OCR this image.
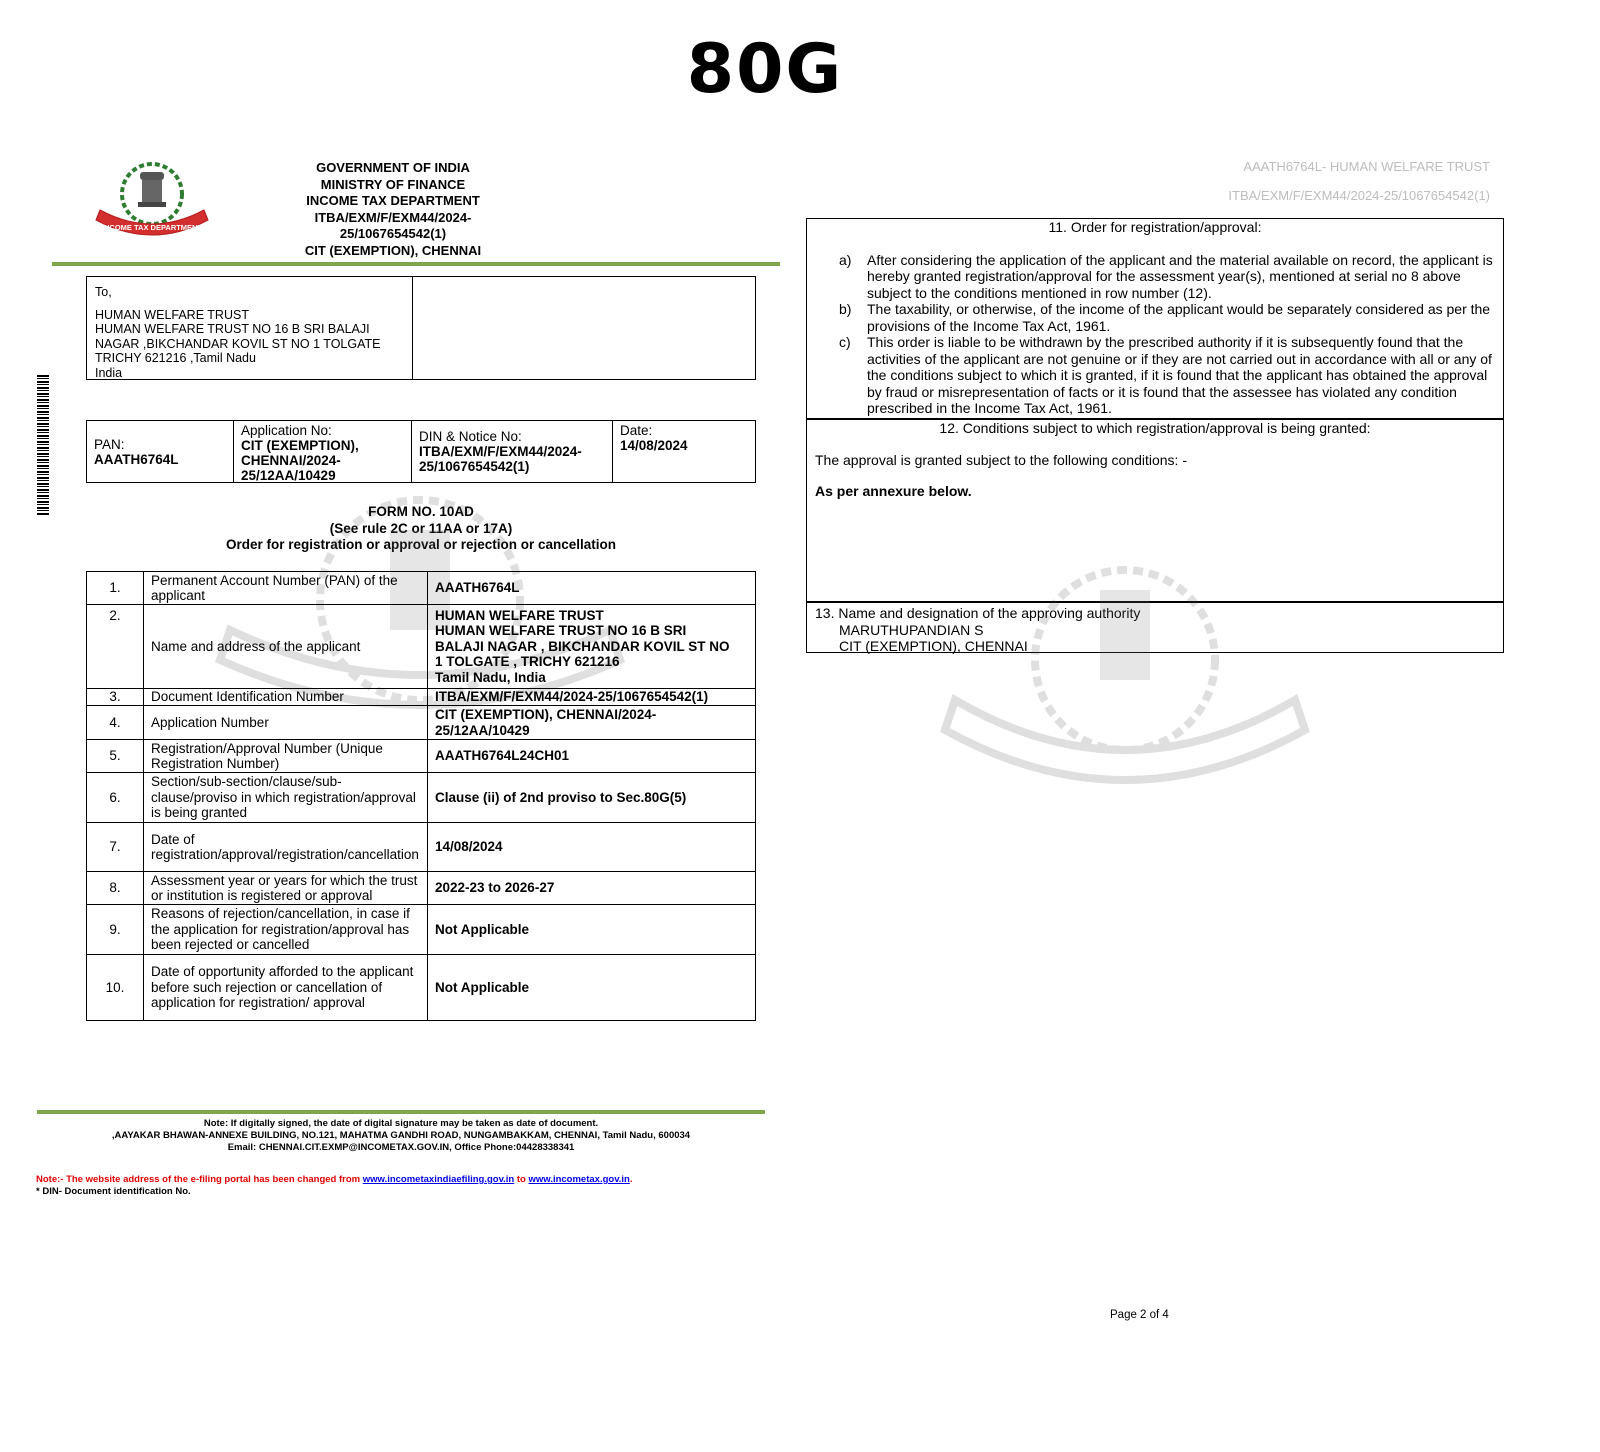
80G
INCOME TAX DEPARTMENT
GOVERNMENT OF INDIA
MINISTRY OF FINANCE
INCOME TAX DEPARTMENT
ITBA/EXM/F/EXM44/2024-
25/1067654542(1)
CIT (EXEMPTION), CHENNAI
To,
HUMAN WELFARE TRUST
HUMAN WELFARE TRUST NO 16 B SRI BALAJI
NAGAR ,BIKCHANDAR KOVIL ST NO 1 TOLGATE
TRICHY 621216 ,Tamil Nadu
India
PAN:
AAATH6764L
Application No:
CIT (EXEMPTION),
CHENNAI/2024-
25/12AA/10429
DIN & Notice No:
ITBA/EXM/F/EXM44/2024-
25/1067654542(1)
Date:
14/08/2024
FORM NO. 10AD
(See rule 2C or 11AA or 17A)
Order for registration or approval or rejection or cancellation
1.	Permanent Account Number (PAN) of the applicant	AAATH6764L
2.	Name and address of the applicant	HUMAN WELFARE TRUST
HUMAN WELFARE TRUST NO 16 B SRI
BALAJI NAGAR , BIKCHANDAR KOVIL ST NO
1 TOLGATE , TRICHY 621216
Tamil Nadu, India

3.	Document Identification Number	ITBA/EXM/F/EXM44/2024-25/1067654542(1)
4.	Application Number	CIT (EXEMPTION), CHENNAI/2024-25/12AA/10429
5.	Registration/Approval Number (Unique Registration Number)	AAATH6764L24CH01
6.	Section/sub-section/clause/sub-clause/proviso in which registration/approval is being granted	Clause (ii) of 2nd proviso to Sec.80G(5)
7.	Date of registration/approval/registration/cancellation	14/08/2024
8.	Assessment year or years for which the trust or institution is registered or approval	2022-23 to 2026-27
9.	Reasons of rejection/cancellation, in case if the application for registration/approval has been rejected or cancelled	Not Applicable
10.	Date of opportunity afforded to the applicant before such rejection or cancellation of application for registration/ approval	Not Applicable
Note: If digitally signed, the date of digital signature may be taken as date of document.
,AAYAKAR BHAWAN-ANNEXE BUILDING, NO.121, MAHATMA GANDHI ROAD, NUNGAMBAKKAM, CHENNAI, Tamil Nadu, 600034
Email: CHENNAI.CIT.EXMP@INCOMETAX.GOV.IN, Office Phone:04428338341
Note:- The website address of the e-filing portal has been changed from www.incometaxindiaefiling.gov.in to www.incometax.gov.in.
* DIN- Document identification No.
AAATH6764L- HUMAN WELFARE TRUST
ITBA/EXM/F/EXM44/2024-25/1067654542(1)
11. Order for registration/approval:
a)	After considering the application of the applicant and the material available on record, the applicant is hereby granted registration/approval for the assessment year(s), mentioned at serial no 8 above subject to the conditions mentioned in row number (12).
b)	The taxability, or otherwise, of the income of the applicant would be separately considered as per the provisions of the Income Tax Act, 1961.
c)	This order is liable to be withdrawn by the prescribed authority if it is subsequently found that the activities of the applicant are not genuine or if they are not carried out in accordance with all or any of the conditions subject to which it is granted, if it is found that the applicant has obtained the approval by fraud or misrepresentation of facts or it is found that the assessee has violated any condition prescribed in the Income Tax Act, 1961.
12. Conditions subject to which registration/approval is being granted:

The approval is granted subject to the following conditions: -

As per annexure below.

13. Name and designation of the approving authority
MARUTHUPANDIAN S
CIT (EXEMPTION), CHENNAI
Page 2 of 4
